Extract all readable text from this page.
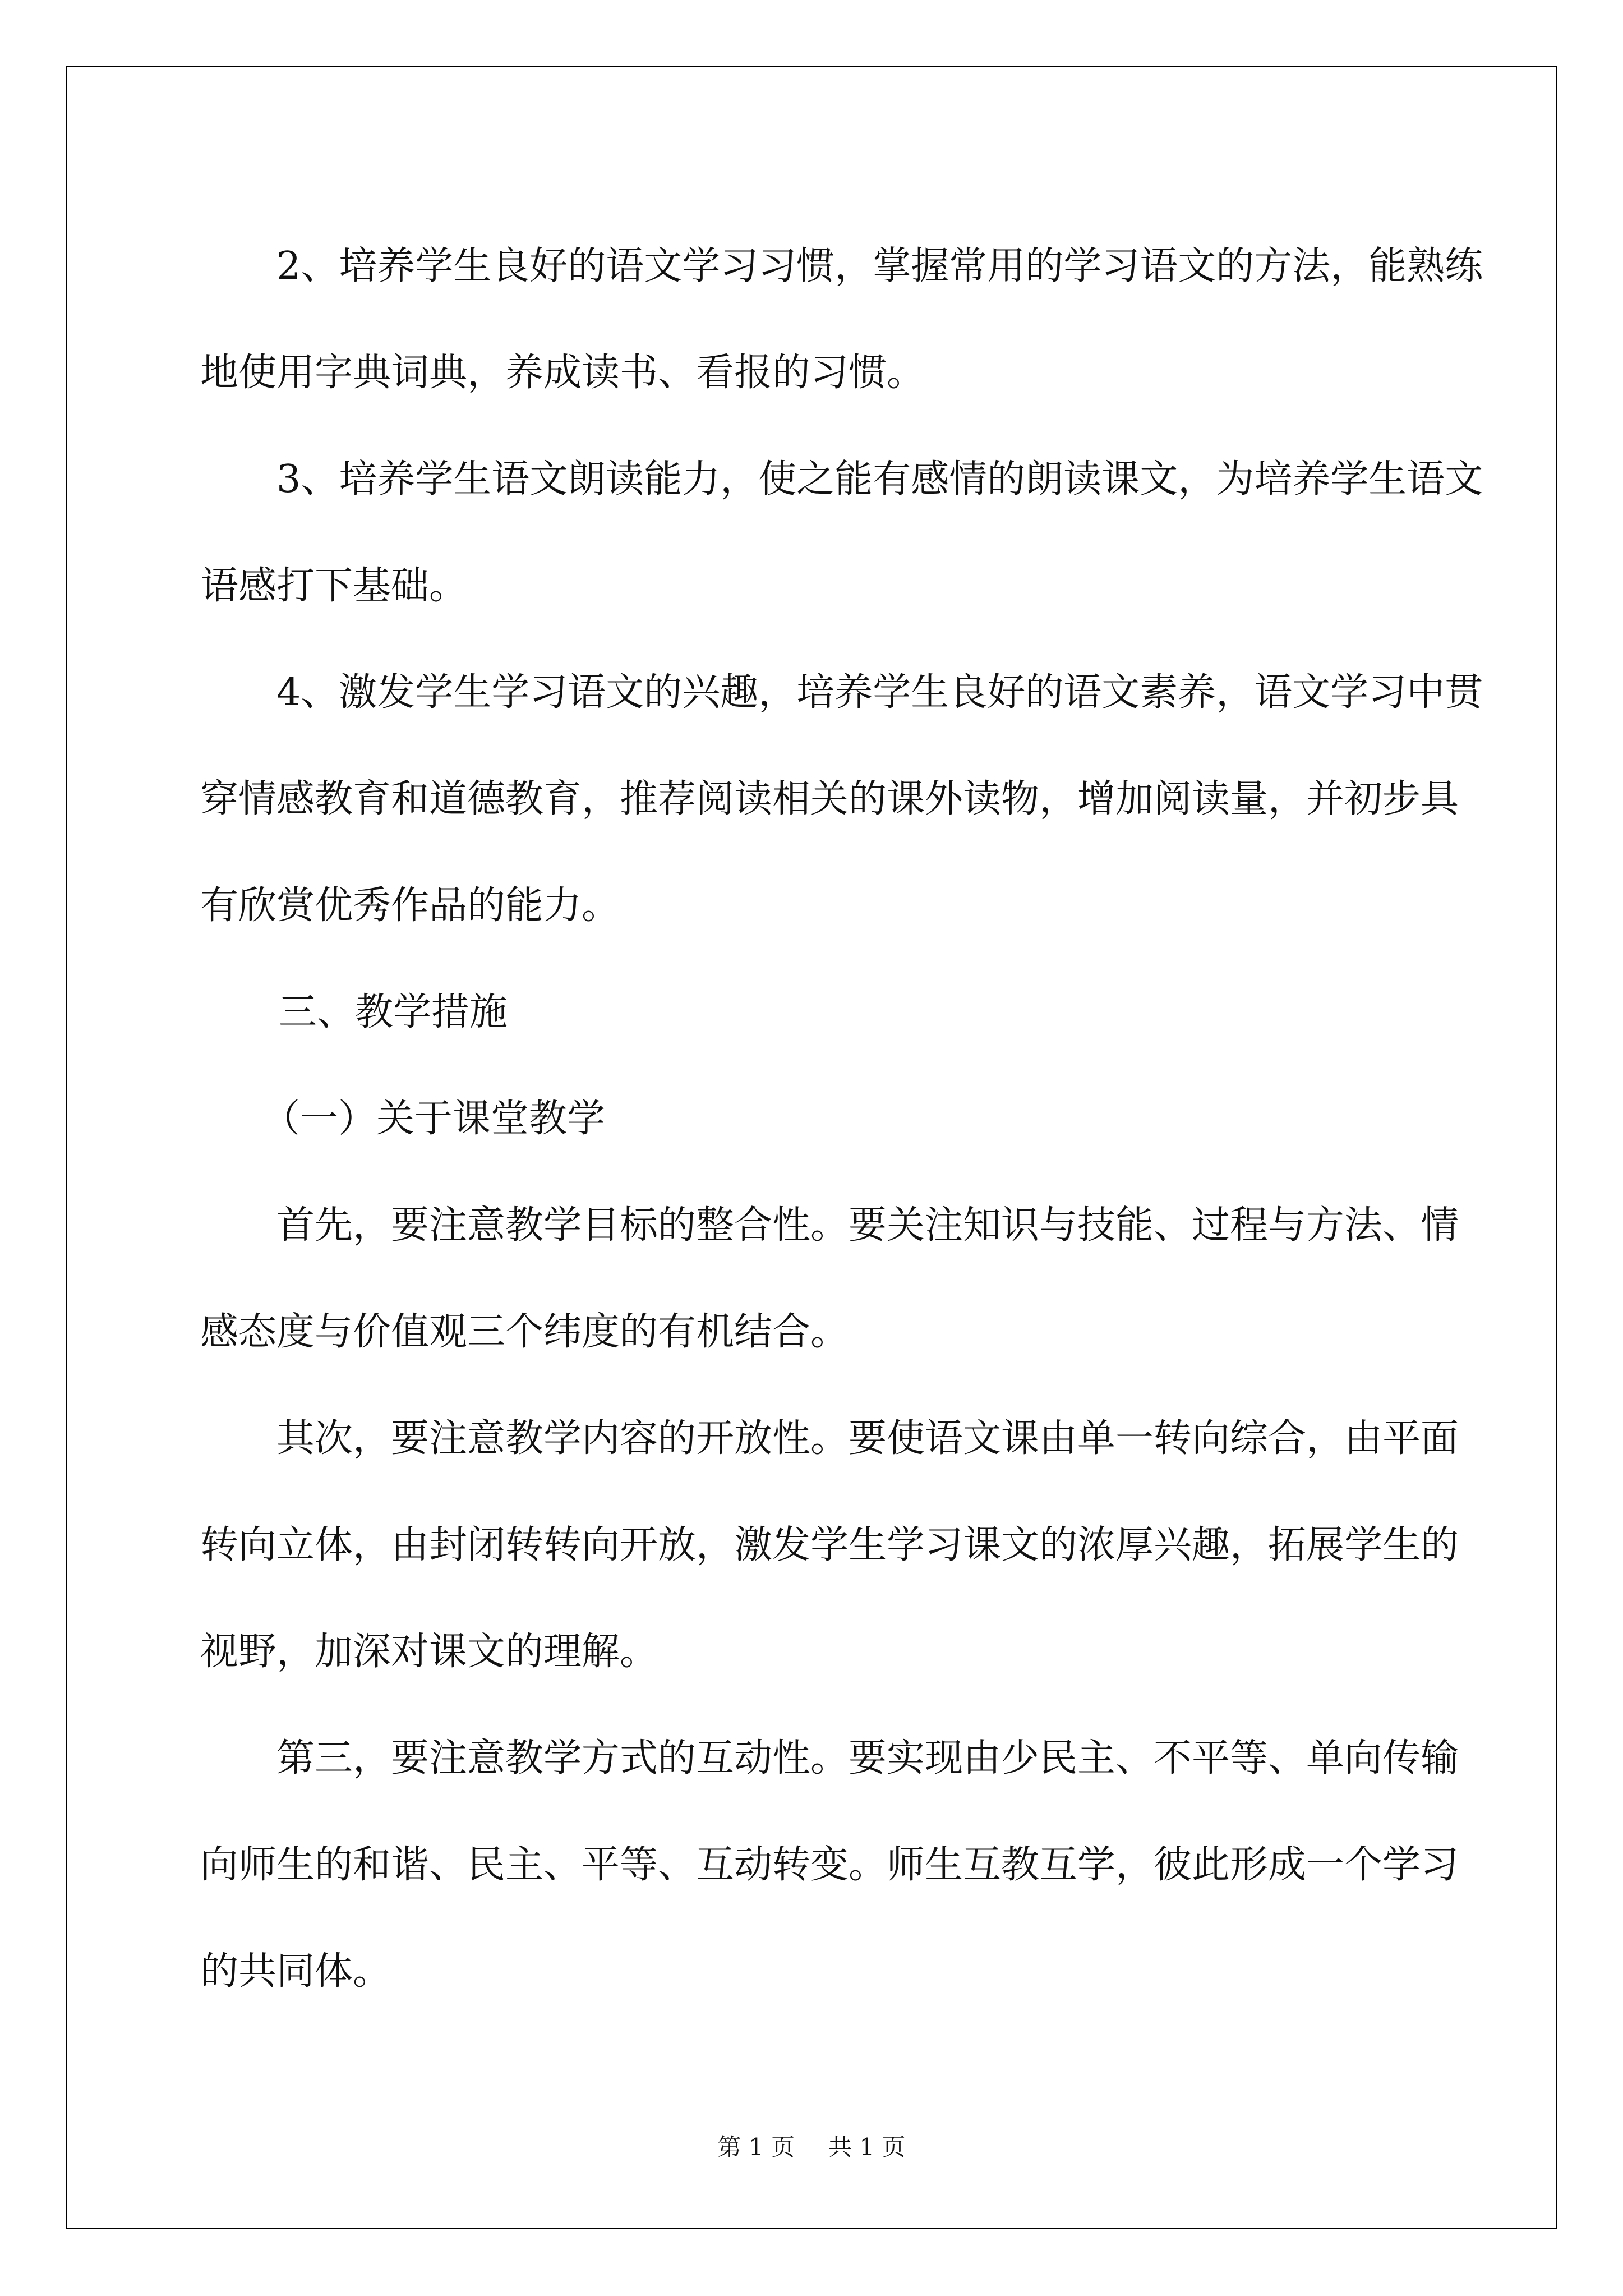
2、培养学生良好的语文学习习惯，掌握常用的学习语文的方法，能熟练地使用字典词典，养成读书、看报的习惯。

3、培养学生语文朗读能力，使之能有感情的朗读课文，为培养学生语文语感打下基础。

4、激发学生学习语文的兴趣，培养学生良好的语文素养，语文学习中贯穿情感教育和道德教育，推荐阅读相关的课外读物，增加阅读量，并初步具有欣赏优秀作品的能力。

三、教学措施

（一）关于课堂教学

首先，要注意教学目标的整合性。要关注知识与技能、过程与方法、情感态度与价值观三个纬度的有机结合。

其次，要注意教学内容的开放性。要使语文课由单一转向综合，由平面转向立体，由封闭转转向开放，激发学生学习课文的浓厚兴趣，拓展学生的视野，加深对课文的理解。

第三，要注意教学方式的互动性。要实现由少民主、不平等、单向传输向师生的和谐、民主、平等、互动转变。师生互教互学，彼此形成一个学习的共同体。

第 1 页 共 1 页
